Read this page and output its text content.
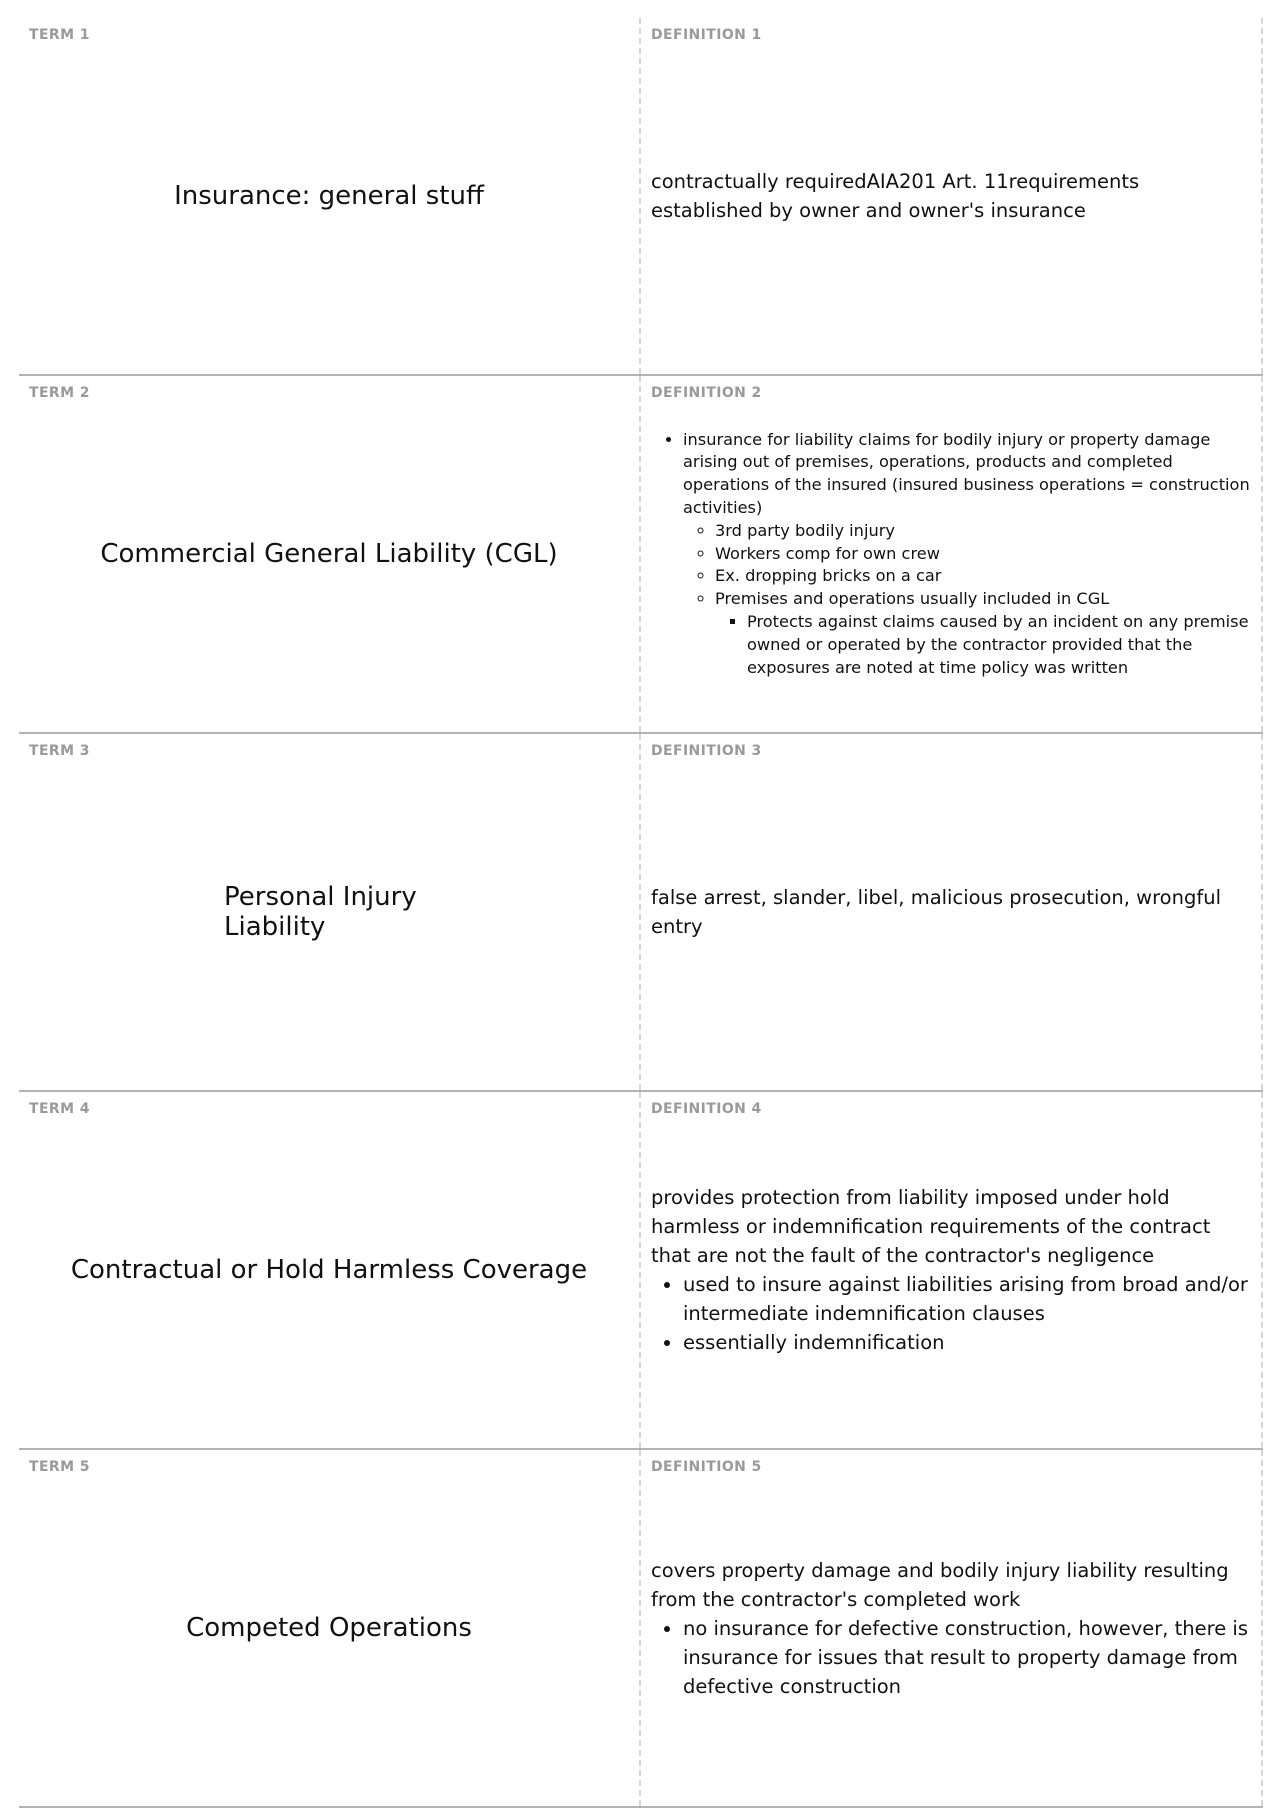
TERM 1
Insurance: general stuff
DEFINITION 1

contractually requiredAIA201 Art. 11requirements established by owner and owner's insurance

TERM 2
Commercial General Liability (CGL)
DEFINITION 2
• insurance for liability claims for bodily injury or property damage arising out of premises, operations, products and completed operations of the insured (insured business operations = construction activities)
◦ 3rd party bodily injury
◦ Workers comp for own crew
◦ Ex. dropping bricks on a car
◦ Premises and operations usually included in CGL
▪ Protects against claims caused by an incident on any premise owned or operated by the contractor provided that the exposures are noted at time policy was written
TERM 3
Personal Injury Liability
DEFINITION 3

false arrest, slander, libel, malicious prosecution, wrongful entry

TERM 4
Contractual or Hold Harmless Coverage
DEFINITION 4

provides protection from liability imposed under hold harmless or indemnification requirements of the contract that are not the fault of the contractor's negligence

• used to insure against liabilities arising from broad and/or intermediate indemnification clauses
• essentially indemnification
TERM 5
Competed Operations
DEFINITION 5

covers property damage and bodily injury liability resulting from the contractor's completed work

• no insurance for defective construction, however, there is insurance for issues that result to property damage from defective construction
